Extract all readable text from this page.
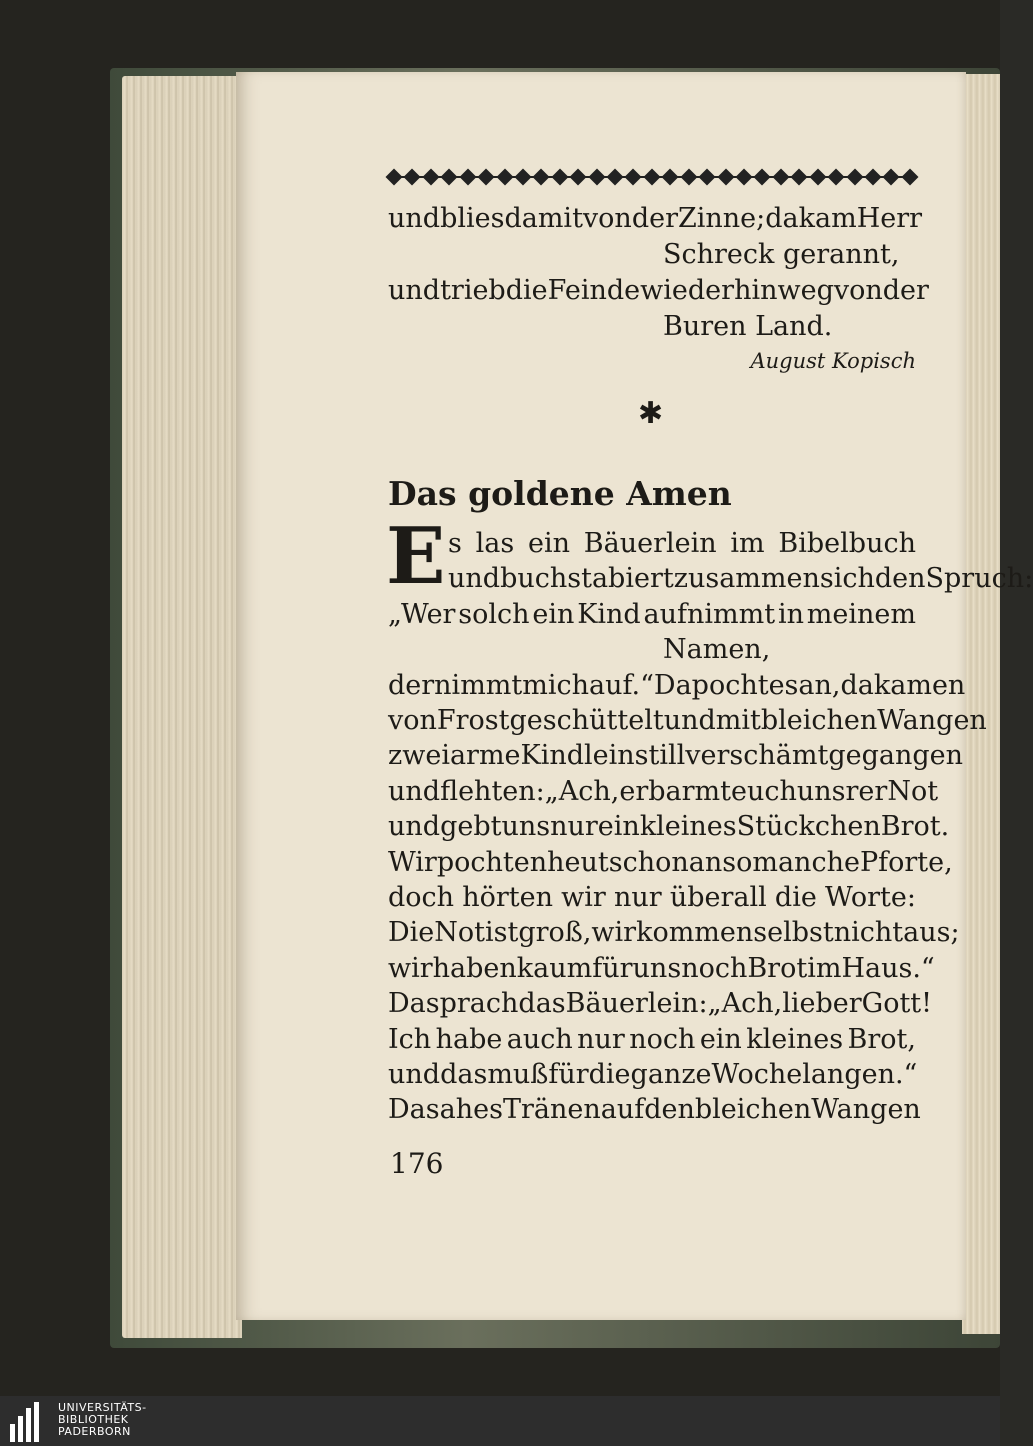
und blies damit von der Zinne; da kam Herr
Schreck gerannt,
und trieb die Feinde wieder hinweg von der
Buren Land.
August Kopisch
✱
Das goldene Amen
E s las ein Bäuerlein im Bibelbuch
und buchstabiert zusammen sich den Spruch:
„Wer solch ein Kind aufnimmt in meinem
Namen,
der nimmt mich auf.“ Da pocht es an, da kamen
von Frost geschüttelt und mit bleichen Wangen
zwei arme Kindlein still verschämt gegangen
und flehten: „Ach, erbarmt euch unsrer Not
und gebt uns nur ein kleines Stückchen Brot.
Wir pochten heut schon an so manche Pforte,
doch hörten wir nur überall die Worte:
Die Not ist groß, wir kommen selbst nicht aus;
wir haben kaum für uns noch Brot im Haus.“
Da sprach das Bäuerlein: „Ach, lieber Gott!
Ich habe auch nur noch ein kleines Brot,
und das muß für die ganze Woche langen.“
Da sah es Tränen auf den bleichen Wangen
176
UNIVERSITÄTS-
BIBLIOTHEK
PADERBORN
